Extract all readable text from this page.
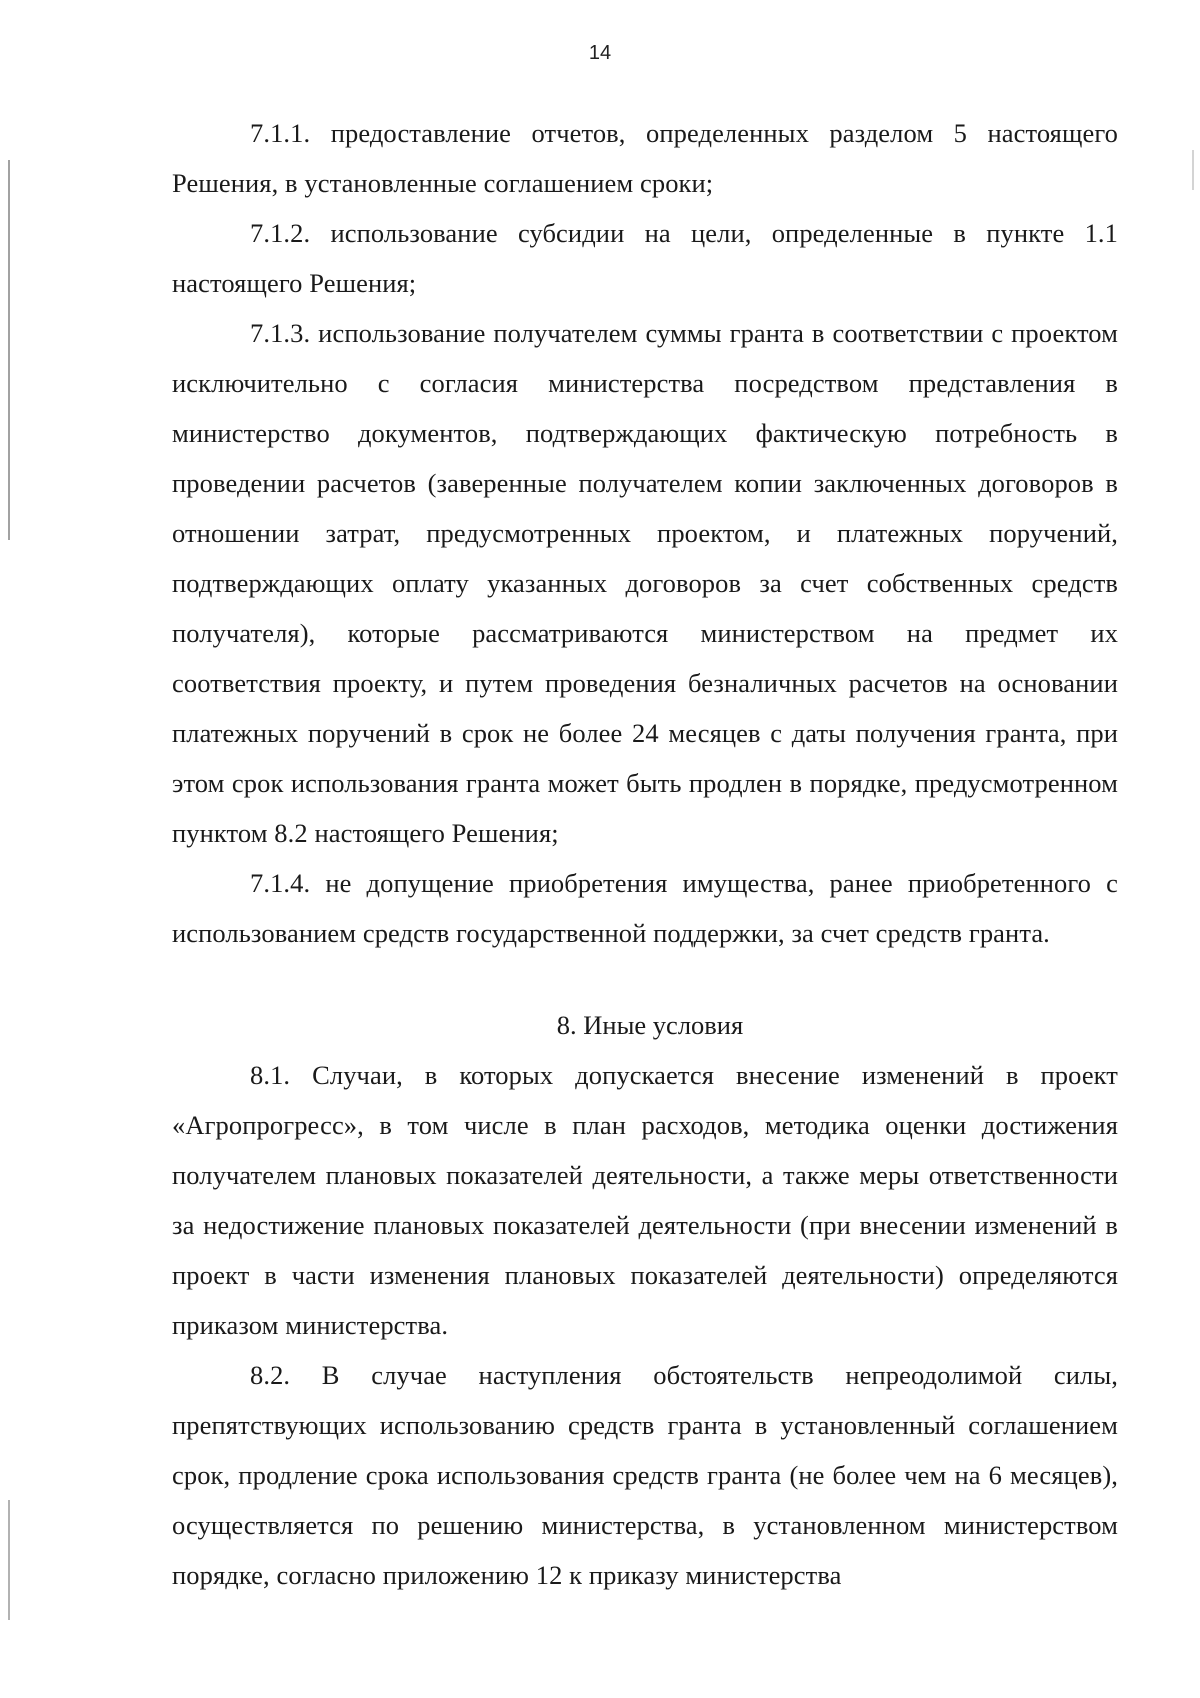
14

7.1.1. предоставление отчетов, определенных разделом 5 настоящего Решения, в установленные соглашением сроки;

7.1.2. использование субсидии на цели, определенные в пункте 1.1 настоящего Решения;

7.1.3. использование получателем суммы гранта в соответствии с проектом исключительно с согласия министерства посредством представления в министерство документов, подтверждающих фактическую потребность в проведении расчетов (заверенные получателем копии заключенных договоров в отношении затрат, предусмотренных проектом, и платежных поручений, подтверждающих оплату указанных договоров за счет собственных средств получателя), которые рассматриваются министерством на предмет их соответствия проекту, и путем проведения безналичных расчетов на основании платежных поручений в срок не более 24 месяцев с даты получения гранта, при этом срок использования гранта может быть продлен в порядке, предусмотренном пунктом 8.2 настоящего Решения;

7.1.4. не допущение приобретения имущества, ранее приобретенного с использованием средств государственной поддержки, за счет средств гранта.

8. Иные условия

8.1. Случаи, в которых допускается внесение изменений в проект «Агропрогресс», в том числе в план расходов, методика оценки достижения получателем плановых показателей деятельности, а также меры ответственности за недостижение плановых показателей деятельности (при внесении изменений в проект в части изменения плановых показателей деятельности) определяются приказом министерства.

8.2. В случае наступления обстоятельств непреодолимой силы, препятствующих использованию средств гранта в установленный соглашением срок, продление срока использования средств гранта (не более чем на 6 месяцев), осуществляется по решению министерства, в установленном министерством порядке, согласно приложению 12 к приказу министерства
